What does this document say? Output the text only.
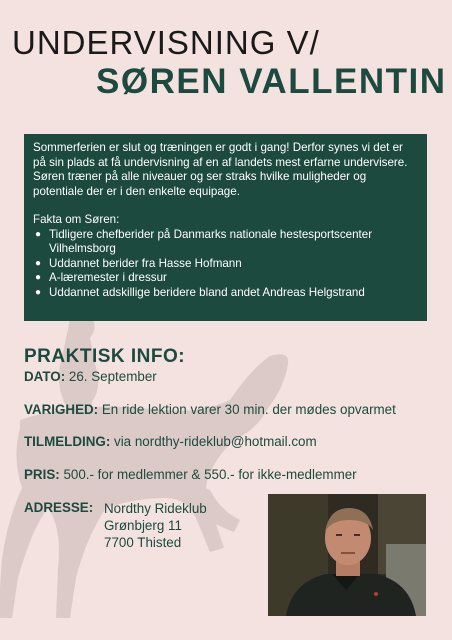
UNDERVISNING V/
SØREN VALLENTIN

Sommerferien er slut og træningen er godt i gang! Derfor synes vi det er på sin plads at få undervisning af en af landets mest erfarne undervisere. Søren træner på alle niveauer og ser straks hvilke muligheder og potentiale der er i den enkelte equipage.

Fakta om Søren:

● Tidligere chefberider på Danmarks nationale hestesportscenter Vilhelmsborg
● Uddannet berider fra Hasse Hofmann
● A-læremester i dressur
● Uddannet adskillige beridere bland andet Andreas Helgstrand
PRAKTISK INFO:
DATO: 26. September
VARIGHED: En ride lektion varer 30 min. der mødes opvarmet
TILMELDING: via nordthy-rideklub@hotmail.com
PRIS: 500.- for medlemmer & 550.- for ikke-medlemmer
ADRESSE: Nordthy Rideklub
Grønbjerg 11
7700 Thisted
